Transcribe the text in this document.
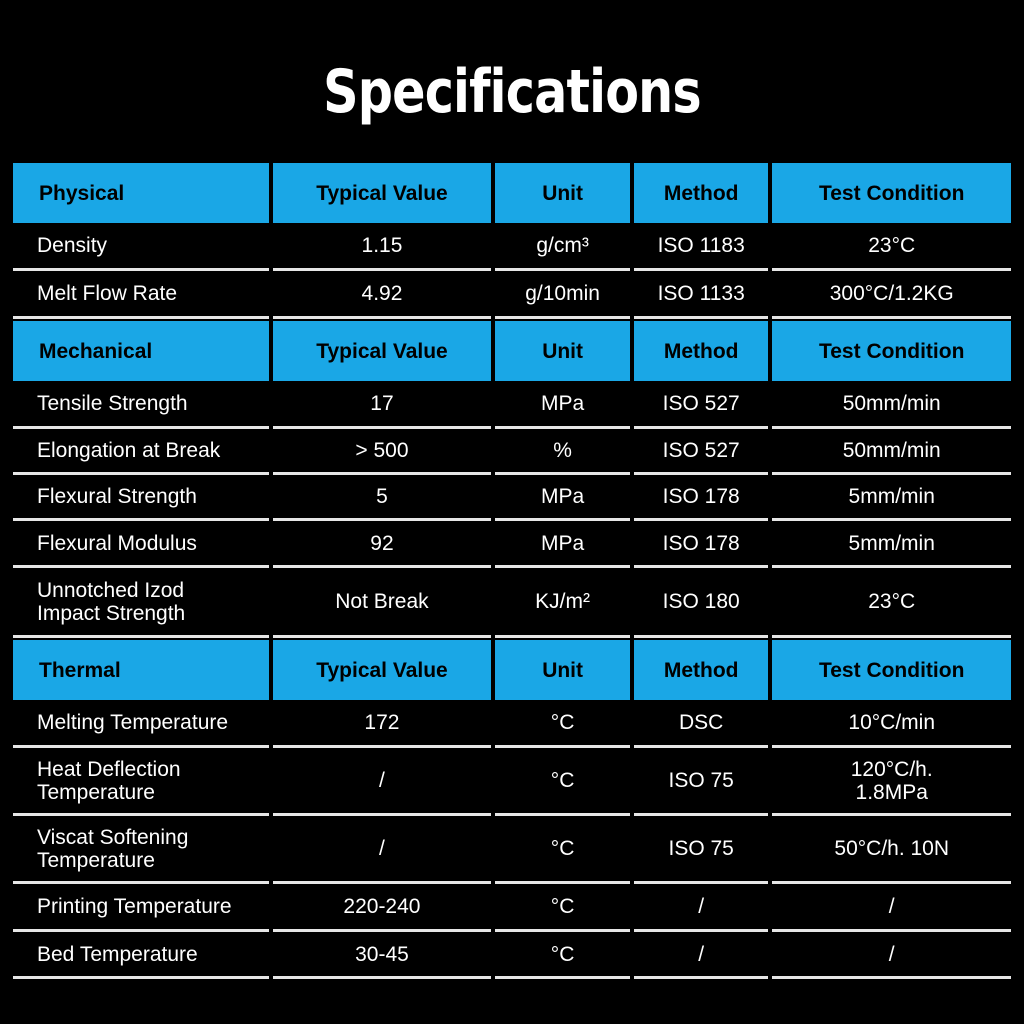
Specifications
Physical	Typical Value	Unit	Method	Test Condition
Density	1.15	g/cm³	ISO 1183	23°C
Melt Flow Rate	4.92	g/10min	ISO 1133	300°C/1.2KG
Mechanical	Typical Value	Unit	Method	Test Condition
Tensile Strength	17	MPa	ISO 527	50mm/min
Elongation at Break	> 500	%	ISO 527	50mm/min
Flexural Strength	5	MPa	ISO 178	5mm/min
Flexural Modulus	92	MPa	ISO 178	5mm/min
Unnotched Izod
Impact Strength	Not Break	KJ/m²	ISO 180	23°C
Thermal	Typical Value	Unit	Method	Test Condition
Melting Temperature	172	°C	DSC	10°C/min
Heat Deflection
Temperature	/	°C	ISO 75	120°C/h.
1.8MPa
Viscat Softening
Temperature	/	°C	ISO 75	50°C/h. 10N
Printing Temperature	220-240	°C	/	/
Bed Temperature	30-45	°C	/	/
